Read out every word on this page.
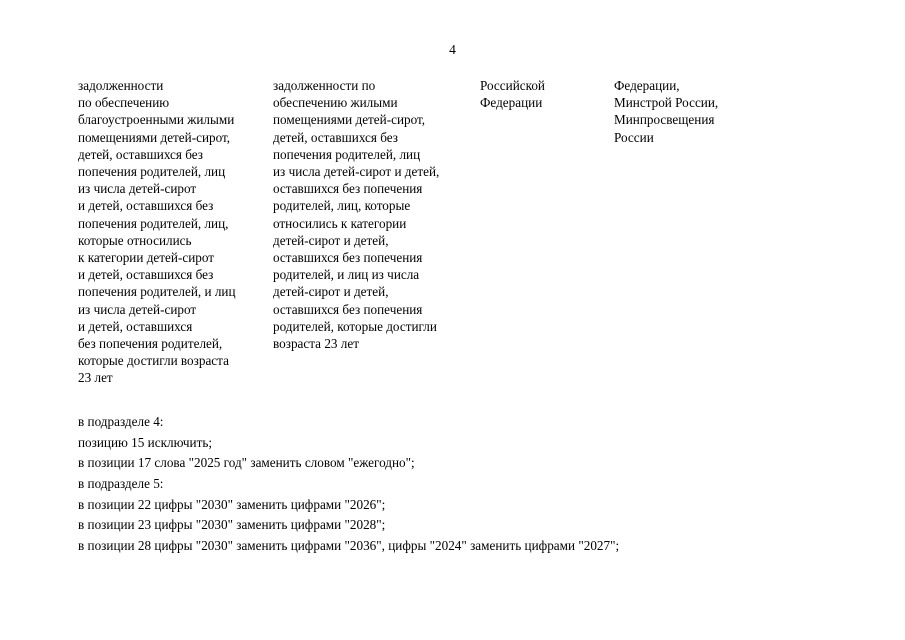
4
задолженности
по обеспечению
благоустроенными жилыми
помещениями детей-сирот,
детей, оставшихся без
попечения родителей, лиц
из числа детей-сирот
и детей, оставшихся без
попечения родителей, лиц,
которые относились
к категории детей-сирот
и детей, оставшихся без
попечения родителей, и лиц
из числа детей-сирот
и детей, оставшихся
без попечения родителей,
которые достигли возраста
23 лет
задолженности по
обеспечению жилыми
помещениями детей-сирот,
детей, оставшихся без
попечения родителей, лиц
из числа детей-сирот и детей,
оставшихся без попечения
родителей, лиц, которые
относились к категории
детей-сирот и детей,
оставшихся без попечения
родителей, и лиц из числа
детей-сирот и детей,
оставшихся без попечения
родителей, которые достигли
возраста 23 лет
Российской
Федерации
Федерации,
Минстрой России,
Минпросвещения
России
в подразделе 4:
позицию 15 исключить;
в позиции 17 слова "2025 год" заменить словом "ежегодно";
в подразделе 5:
в позиции 22 цифры "2030" заменить цифрами "2026";
в позиции 23 цифры "2030" заменить цифрами "2028";
в позиции 28 цифры "2030" заменить цифрами "2036", цифры "2024" заменить цифрами "2027";
